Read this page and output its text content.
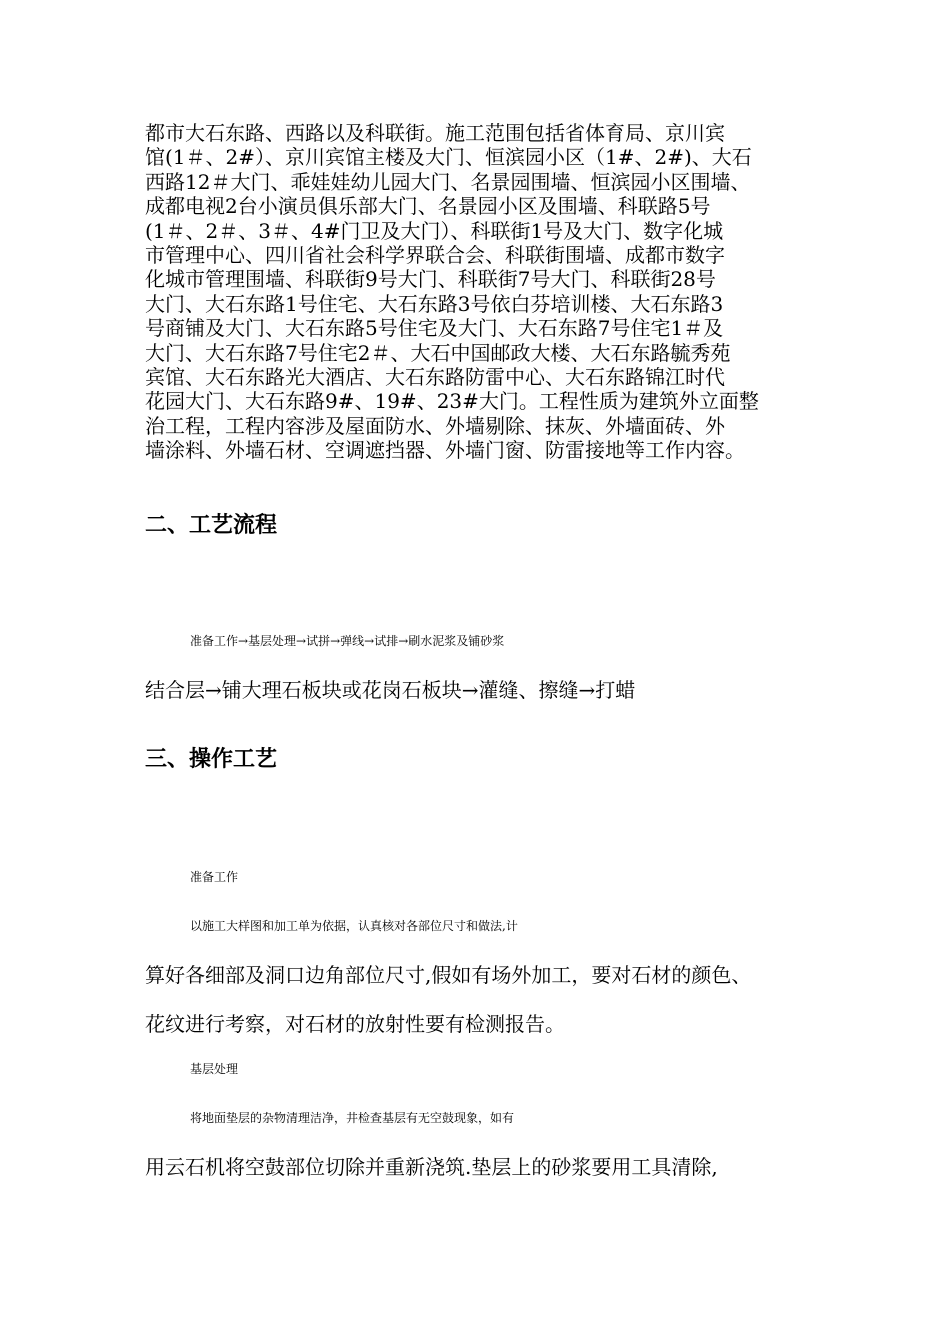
都市大石东路、西路以及科联街。施工范围包括省体育局、京川宾
馆(1＃、2#）、京川宾馆主楼及大门、恒滨园小区（1#、2#)、大石
西路12＃大门、乖娃娃幼儿园大门、名景园围墙、恒滨园小区围墙、
成都电视2台小演员俱乐部大门、名景园小区及围墙、科联路5号
(1＃、2＃、3＃、4#门卫及大门）、科联街1号及大门、数字化城
市管理中心、四川省社会科学界联合会、科联街围墙、成都市数字
化城市管理围墙、科联街9号大门、科联街7号大门、科联街28号
大门、大石东路1号住宅、大石东路3号依白芬培训楼、大石东路3
号商铺及大门、大石东路5号住宅及大门、大石东路7号住宅1＃及
大门、大石东路7号住宅2＃、大石中国邮政大楼、大石东路毓秀苑
宾馆、大石东路光大酒店、大石东路防雷中心、大石东路锦江时代
花园大门、大石东路9#、19#、23#大门。工程性质为建筑外立面整
治工程，工程内容涉及屋面防水、外墙剔除、抹灰、外墙面砖、外
墙涂料、外墙石材、空调遮挡器、外墙门窗、防雷接地等工作内容。
二、工艺流程

准备工作→基层处理→试拼→弹线→试排→刷水泥浆及铺砂浆

结合层→铺大理石板块或花岗石板块→灌缝、擦缝→打蜡

三、操作工艺

准备工作

以施工大样图和加工单为依据，认真核对各部位尺寸和做法,计

算好各细部及洞口边角部位尺寸,假如有场外加工，要对石材的颜色、

花纹进行考察，对石材的放射性要有检测报告。

基层处理

将地面垫层的杂物清理洁净，井检查基层有无空鼓现象，如有

用云石机将空鼓部位切除并重新浇筑.垫层上的砂浆要用工具清除,
